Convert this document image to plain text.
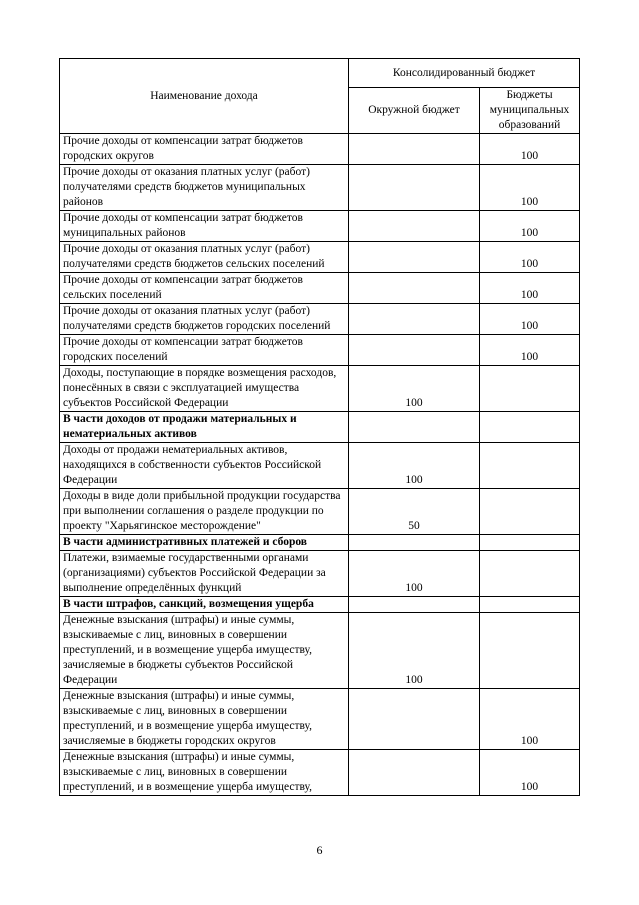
Наименование дохода	Консолидированный бюджет	
	Окружной бюджет	Бюджеты муниципальных образований
Прочие доходы от компенсации затрат бюджетов городских округов		100
Прочие доходы от оказания платных услуг (работ) получателями средств бюджетов муниципальных районов		100
Прочие доходы от компенсации затрат бюджетов муниципальных районов		100
Прочие доходы от оказания платных услуг (работ) получателями средств бюджетов сельских поселений		100
Прочие доходы от компенсации затрат бюджетов сельских поселений		100
Прочие доходы от оказания платных услуг (работ) получателями средств бюджетов городских поселений		100
Прочие доходы от компенсации затрат бюджетов городских поселений		100
Доходы, поступающие в порядке возмещения расходов, понесённых в связи с эксплуатацией имущества субъектов Российской Федерации	100	
В части доходов от продажи материальных и нематериальных активов		
Доходы от продажи нематериальных активов, находящихся в собственности субъектов Российской Федерации	100	
Доходы в виде доли прибыльной продукции государства при выполнении соглашения о разделе продукции по проекту "Харьягинское месторождение"	50	
В части административных платежей и сборов		
Платежи, взимаемые государственными органами (организациями) субъектов Российской Федерации за выполнение определённых функций	100	
В части штрафов, санкций, возмещения ущерба		
Денежные взыскания (штрафы) и иные суммы, взыскиваемые с лиц, виновных в совершении преступлений, и в возмещение ущерба имуществу, зачисляемые в бюджеты субъектов Российской Федерации	100	
Денежные взыскания (штрафы) и иные суммы, взыскиваемые с лиц, виновных в совершении преступлений, и в возмещение ущерба имуществу, зачисляемые в бюджеты городских округов		100
Денежные взыскания (штрафы) и иные суммы, взыскиваемые с лиц, виновных в совершении преступлений, и в возмещение ущерба имуществу,		100
6
